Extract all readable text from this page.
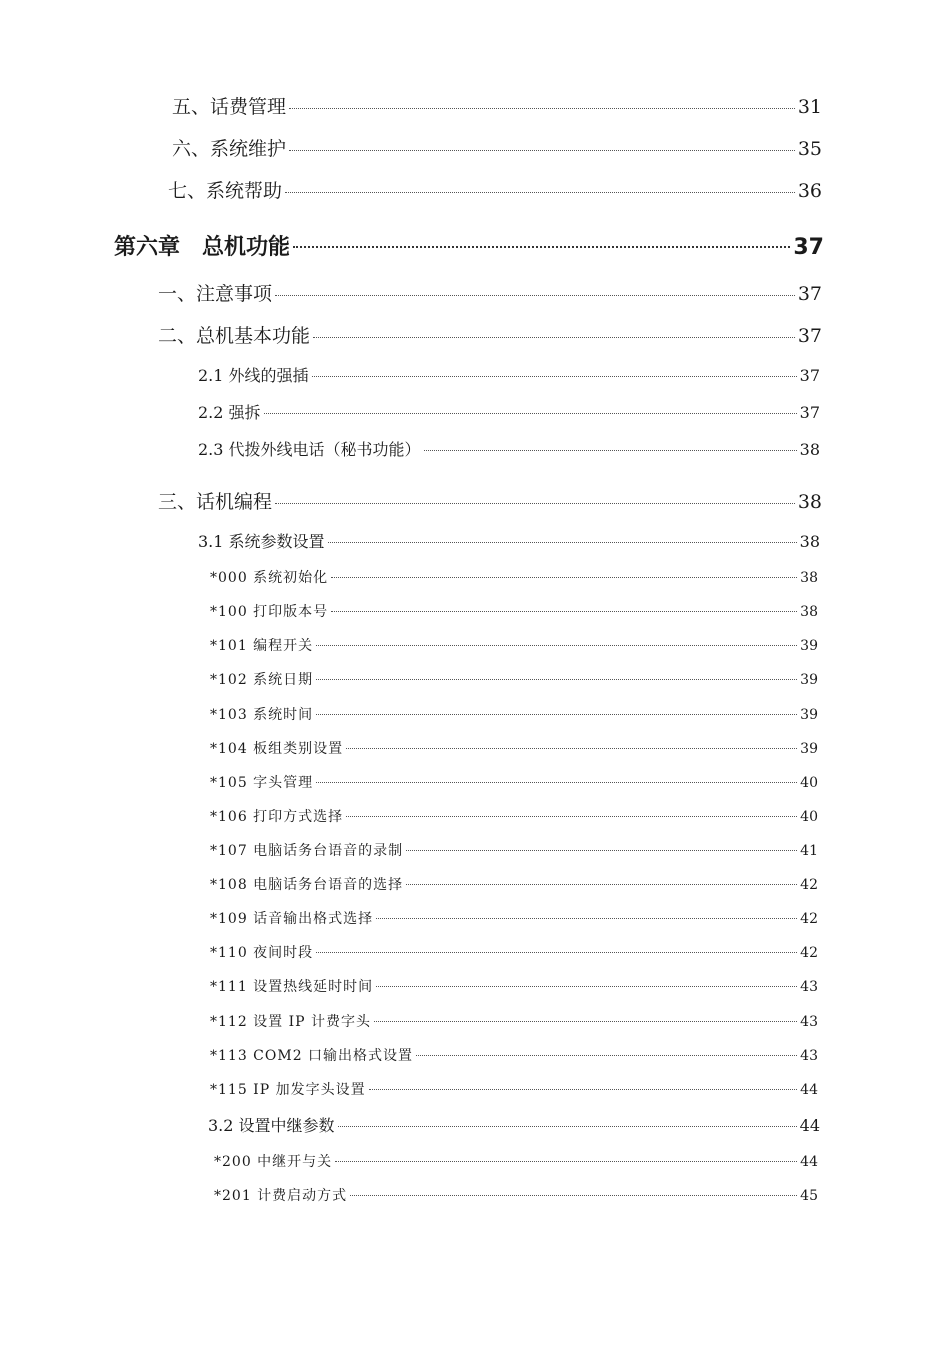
五、话费管理	31
六、系统维护	35
七、系统帮助	36
第六章　总机功能	37
一、注意事项	37
二、总机基本功能	37
2.1 外线的强插	37
2.2 强拆	37
2.3 代拨外线电话（秘书功能）	38
三、话机编程	38
3.1 系统参数设置	38
*000 系统初始化	38
*100 打印版本号	38
*101 编程开关	39
*102 系统日期	39
*103 系统时间	39
*104 板组类别设置	39
*105 字头管理	40
*106 打印方式选择	40
*107 电脑话务台语音的录制	41
*108 电脑话务台语音的选择	42
*109 话音输出格式选择	42
*110 夜间时段	42
*111 设置热线延时时间	43
*112 设置 IP 计费字头	43
*113 COM2 口输出格式设置	43
*115 IP 加发字头设置	44
3.2 设置中继参数	44
*200 中继开与关	44
*201 计费启动方式	45
